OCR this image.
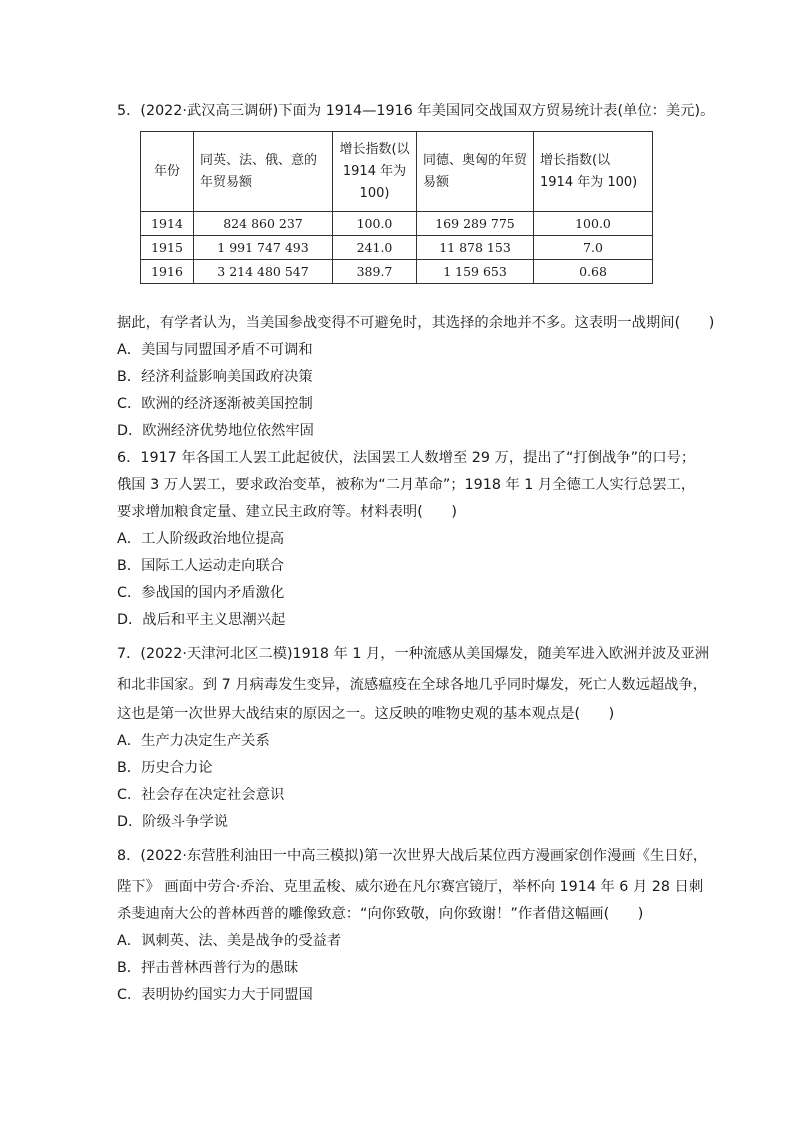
5．(2022·武汉高三调研)下面为 1914—1916 年美国同交战国双方贸易统计表(单位：美元)。
年份	同英、法、俄、意的年贸易额	增长指数(以 1914 年为 100)	同德、奥匈的年贸易额	增长指数(以 1914 年为 100)
1914	824 860 237	100.0	169 289 775	100.0
1915	1 991 747 493	241.0	11 878 153	7.0
1916	3 214 480 547	389.7	1 159 653	0.68
据此，有学者认为，当美国参战变得不可避免时，其选择的余地并不多。这表明一战期间(　　)
A．美国与同盟国矛盾不可调和
B．经济利益影响美国政府决策
C．欧洲的经济逐渐被美国控制
D．欧洲经济优势地位依然牢固
6．1917 年各国工人罢工此起彼伏，法国罢工人数增至 29 万，提出了“打倒战争”的口号；
俄国 3 万人罢工，要求政治变革，被称为“二月革命”；1918 年 1 月全德工人实行总罢工，
要求增加粮食定量、建立民主政府等。材料表明(　　)
A．工人阶级政治地位提高
B．国际工人运动走向联合
C．参战国的国内矛盾激化
D．战后和平主义思潮兴起
7．(2022·天津河北区二模)1918 年 1 月，一种流感从美国爆发，随美军进入欧洲并波及亚洲
和北非国家。到 7 月病毒发生变异，流感瘟疫在全球各地几乎同时爆发，死亡人数远超战争，
这也是第一次世界大战结束的原因之一。这反映的唯物史观的基本观点是(　　)
A．生产力决定生产关系
B．历史合力论
C．社会存在决定社会意识
D．阶级斗争学说
8．(2022·东营胜利油田一中高三模拟)第一次世界大战后某位西方漫画家创作漫画《生日好，
陛下》 画面中劳合·乔治、克里孟梭、威尔逊在凡尔赛宫镜厅，举杯向 1914 年 6 月 28 日刺
杀斐迪南大公的普林西普的雕像致意：“向你致敬，向你致谢！”作者借这幅画(　　)
A．讽刺英、法、美是战争的受益者
B．抨击普林西普行为的愚昧
C．表明协约国实力大于同盟国
